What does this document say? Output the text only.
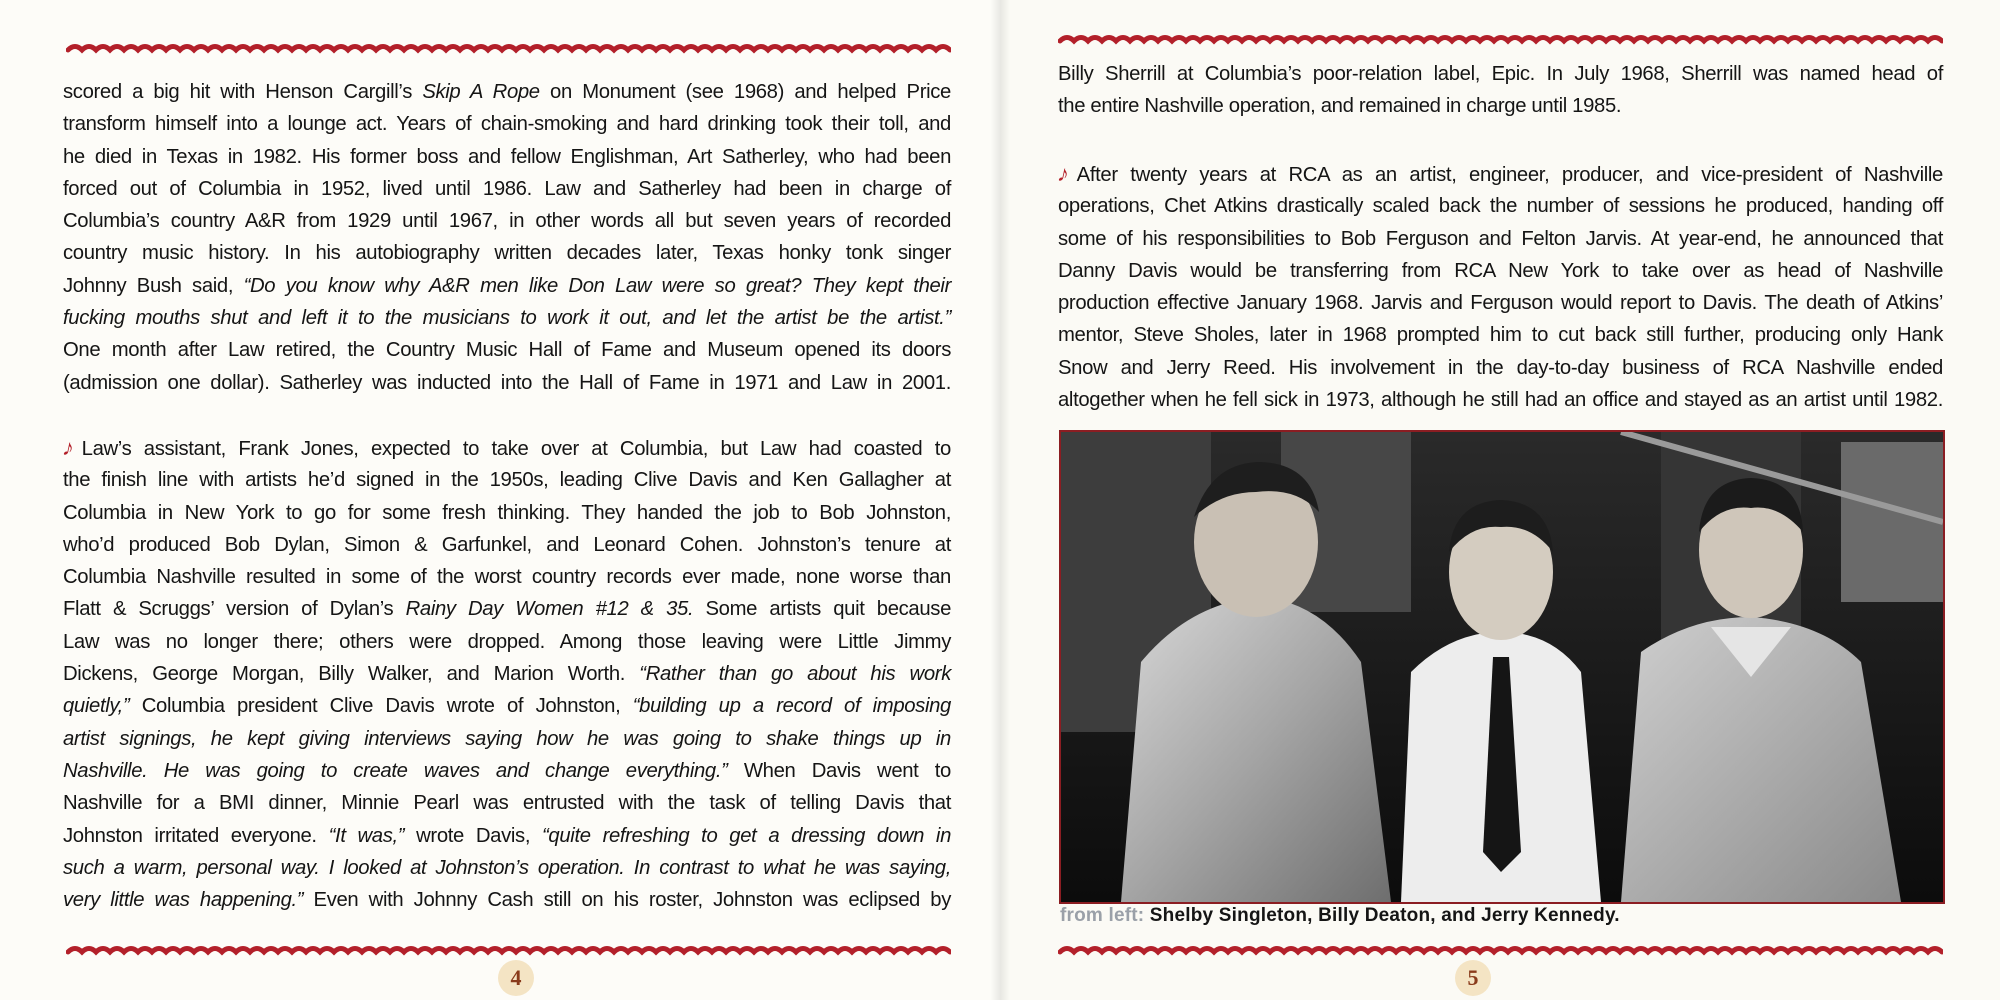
scored a big hit with Henson Cargill’s Skip A Rope on Monument (see 1968) and helped Price
transform himself into a lounge act. Years of chain-smoking and hard drinking took their toll, and
he died in Texas in 1982. His former boss and fellow Englishman, Art Satherley, who had been
forced out of Columbia in 1952, lived until 1986. Law and Satherley had been in charge of
Columbia’s country A&R from 1929 until 1967, in other words all but seven years of recorded
country music history. In his autobiography written decades later, Texas honky tonk singer
Johnny Bush said, “Do you know why A&R men like Don Law were so great? They kept their
fucking mouths shut and left it to the musicians to work it out, and let the artist be the artist.”
One month after Law retired, the Country Music Hall of Fame and Museum opened its doors
(admission one dollar). Satherley was inducted into the Hall of Fame in 1971 and Law in 2001.
♪ Law’s assistant, Frank Jones, expected to take over at Columbia, but Law had coasted to
the finish line with artists he’d signed in the 1950s, leading Clive Davis and Ken Gallagher at
Columbia in New York to go for some fresh thinking. They handed the job to Bob Johnston,
who’d produced Bob Dylan, Simon & Garfunkel, and Leonard Cohen. Johnston’s tenure at
Columbia Nashville resulted in some of the worst country records ever made, none worse than
Flatt & Scruggs’ version of Dylan’s Rainy Day Women #12 & 35. Some artists quit because
Law was no longer there; others were dropped. Among those leaving were Little Jimmy
Dickens, George Morgan, Billy Walker, and Marion Worth. “Rather than go about his work
quietly,” Columbia president Clive Davis wrote of Johnston, “building up a record of imposing
artist signings, he kept giving interviews saying how he was going to shake things up in
Nashville. He was going to create waves and change everything.” When Davis went to
Nashville for a BMI dinner, Minnie Pearl was entrusted with the task of telling Davis that
Johnston irritated everyone. “It was,” wrote Davis, “quite refreshing to get a dressing down in
such a warm, personal way. I looked at Johnston’s operation. In contrast to what he was saying,
very little was happening.” Even with Johnny Cash still on his roster, Johnston was eclipsed by
4
Billy Sherrill at Columbia’s poor-relation label, Epic. In July 1968, Sherrill was named head of
the entire Nashville operation, and remained in charge until 1985.
♪ After twenty years at RCA as an artist, engineer, producer, and vice-president of Nashville
operations, Chet Atkins drastically scaled back the number of sessions he produced, handing off
some of his responsibilities to Bob Ferguson and Felton Jarvis. At year-end, he announced that
Danny Davis would be transferring from RCA New York to take over as head of Nashville
production effective January 1968. Jarvis and Ferguson would report to Davis. The death of Atkins’
mentor, Steve Sholes, later in 1968 prompted him to cut back still further, producing only Hank
Snow and Jerry Reed. His involvement in the day-to-day business of RCA Nashville ended
altogether when he fell sick in 1973, although he still had an office and stayed as an artist until 1982.
from left: Shelby Singleton, Billy Deaton, and Jerry Kennedy.
5
